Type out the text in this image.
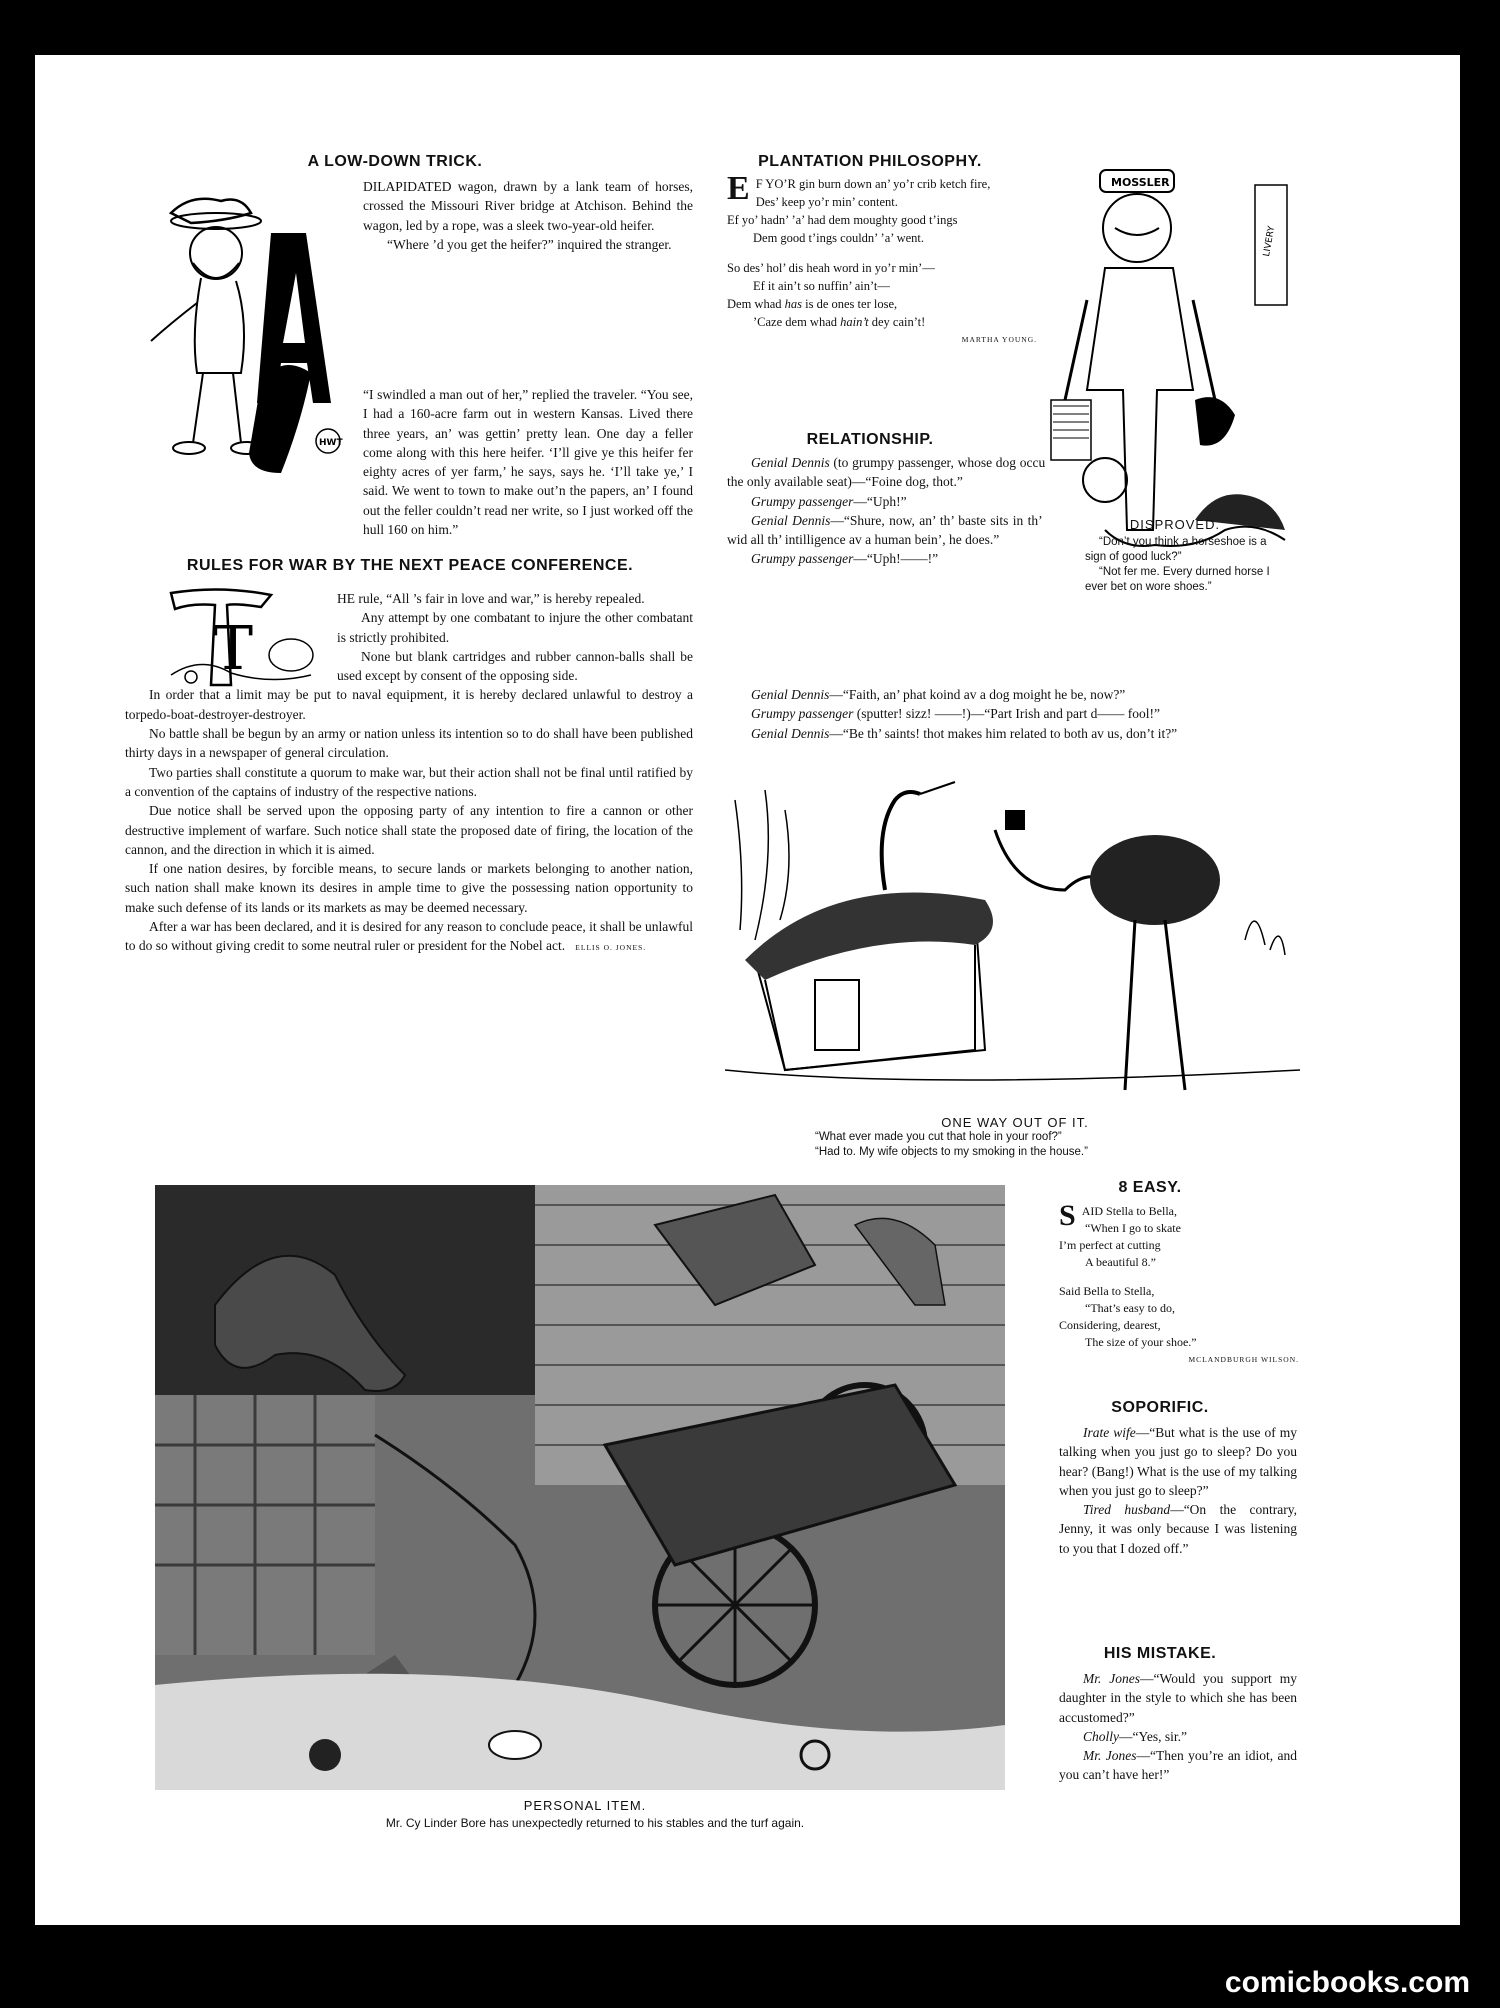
A LOW-DOWN TRICK.
HWT

DILAPIDATED wagon, drawn by a lank team of horses, crossed the Missouri River bridge at Atchison. Behind the wagon, led by a rope, was a sleek two-year-old heifer.

“Where ’d you get the heifer?” inquired the stranger.

“I swindled a man out of her,” replied the traveler. “You see, I had a 160-acre farm out in western Kansas. Lived there three years, an’ was gettin’ pretty lean. One day a feller come along with this here heifer. ‘I’ll give ye this heifer fer eighty acres of yer farm,’ he says, says he. ‘I’ll take ye,’ I said. We went to town to make out’n the papers, an’ I found out the feller couldn’t read ner write, so I just worked off the hull 160 on him.”

RULES FOR WAR BY THE NEXT PEACE CONFERENCE.
T

HE rule, “All ’s fair in love and war,” is hereby repealed.

Any attempt by one combatant to injure the other combatant is strictly prohibited.

None but blank cartridges and rubber cannon-balls shall be used except by consent of the opposing side.

In order that a limit may be put to naval equipment, it is hereby declared unlawful to destroy a torpedo-boat-destroyer-destroyer.

No battle shall be begun by an army or nation unless its intention so to do shall have been published thirty days in a newspaper of general circulation.

Two parties shall constitute a quorum to make war, but their action shall not be final until ratified by a convention of the captains of industry of the respective nations.

Due notice shall be served upon the opposing party of any intention to fire a cannon or other destructive implement of warfare. Such notice shall state the proposed date of firing, the location of the cannon, and the direction in which it is aimed.

If one nation desires, by forcible means, to secure lands or markets belonging to another nation, such nation shall make known its desires in ample time to give the possessing nation opportunity to make such defense of its lands or its markets as may be deemed necessary.

After a war has been declared, and it is desired for any reason to conclude peace, it shall be unlawful to do so without giving credit to some neutral ruler or president for the Nobel act. ELLIS O. JONES.

PLANTATION PHILOSOPHY.
E F YO’R gin burn down an’ yo’r crib ketch fire,
Des’ keep yo’r min’ content.
Ef yo’ hadn’ ’a’ had dem moughty good t’ings
Dem good t’ings couldn’ ’a’ went.
So des’ hol’ dis heah word in yo’r min’—
Ef it ain’t so nuffin’ ain’t—
Dem whad has is de ones ter lose,
’Caze dem whad hain’t dey cain’t!
MARTHA YOUNG.
RELATIONSHIP.

Genial Dennis (to grumpy passenger, whose dog occupies the only available seat)—“Foine dog, thot.”

Grumpy passenger—“Uph!”

Genial Dennis—“Shure, now, an’ th’ baste sits in th’ sate wid all th’ intilligence av a human bein’, he does.”

Grumpy passenger—“Uph!——!”

Genial Dennis—“Faith, an’ phat koind av a dog moight he be, now?”

Grumpy passenger (sputter! sizz! ——!)—“Part Irish and part d—— fool!”

Genial Dennis—“Be th’ saints! thot makes him related to both av us, don’t it?”

MOSSLER
LIVERY
DISPROVED.
“Don’t you think a horseshoe is a sign of good luck?”
“Not fer me. Every durned horse I ever bet on wore shoes.”
ONE WAY OUT OF IT.
“What ever made you cut that hole in your roof?”
“Had to. My wife objects to my smoking in the house.”
PERSONAL ITEM.
Mr. Cy Linder Bore has unexpectedly returned to his stables and the turf again.
8 EASY.
SAID Stella to Bella,
“When I go to skate
I’m perfect at cutting
A beautiful 8.”
Said Bella to Stella,
“That’s easy to do,
Considering, dearest,
The size of your shoe.”
MCLANDBURGH WILSON.
SOPORIFIC.

Irate wife—“But what is the use of my talking when you just go to sleep? Do you hear? (Bang!) What is the use of my talking when you just go to sleep?”

Tired husband—“On the contrary, Jenny, it was only because I was listening to you that I dozed off.”

HIS MISTAKE.

Mr. Jones—“Would you support my daughter in the style to which she has been accustomed?”

Cholly—“Yes, sir.”

Mr. Jones—“Then you’re an idiot, and you can’t have her!”

comicbooks.com
